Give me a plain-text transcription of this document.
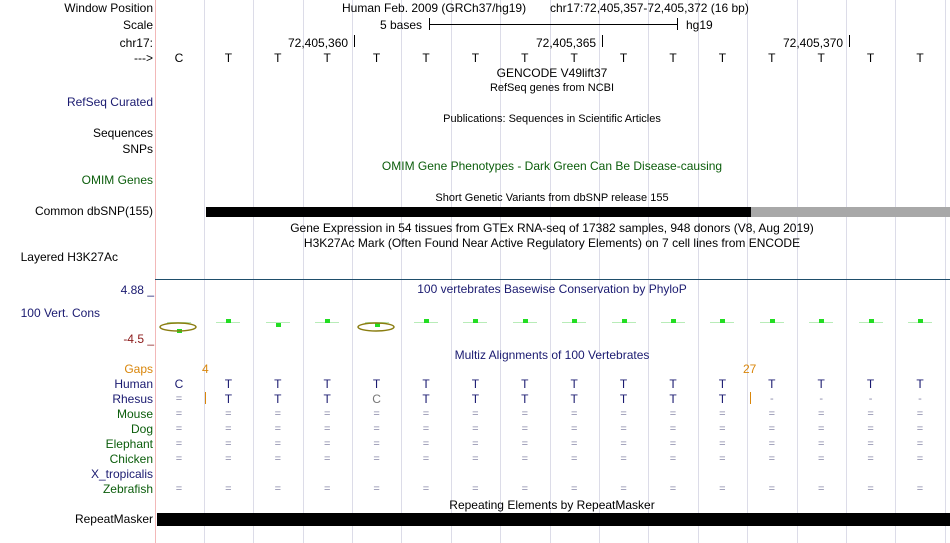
Window Position	Human Feb. 2009 (GRCh37/hg19) chr17:72,405,357-72,405,372 (16 bp)
Scale	5 bases	hg19
chr17:	72,405,360	72,405,365	72,405,370
---> C	T	T	T	T	T	T	T	T	T	T	T	T	T	T	T
GENCODE V49lift37
RefSeq genes from NCBI
RefSeq Curated
Publications: Sequences in Scientific Articles
Sequences
SNPs
OMIM Gene Phenotypes - Dark Green Can Be Disease-causing
OMIM Genes
Short Genetic Variants from dbSNP release 155
Common dbSNP(155)
Gene Expression in 54 tissues from GTEx RNA-seq of 17382 samples, 948 donors (V8, Aug 2019)
H3K27Ac Mark (Often Found Near Active Regulatory Elements) on 7 cell lines from ENCODE
Layered H3K27Ac
4.88 _	100 vertebrates Basewise Conservation by PhyloP
100 Vert. Cons
-4.5 _
Multiz Alignments of 100 Vertebrates
Gaps	4	27
Human C	T	T	T	T	T	T	T	T	T	T	T	T	T	T	T
Rhesus	=	T	T	T	C	T	T	T	T	T	T	T	-	-	-	-
Mouse	=	=	=	=	=	=	=	=	=	=	=	=	=	=	=	=
Dog	=	=	=	=	=	=	=	=	=	=	=	=	=	=	=	=
Elephant	=	=	=	=	=	=	=	=	=	=	=	=	=	=	=	=
Chicken	=	=	=	=	=	=	=	=	=	=	=	=	=	=	=	=
X_tropicalis
Zebrafish	=	=	=	=	=	=	=	=	=	=	=	=	=	=	=	=
Repeating Elements by RepeatMasker
RepeatMasker
